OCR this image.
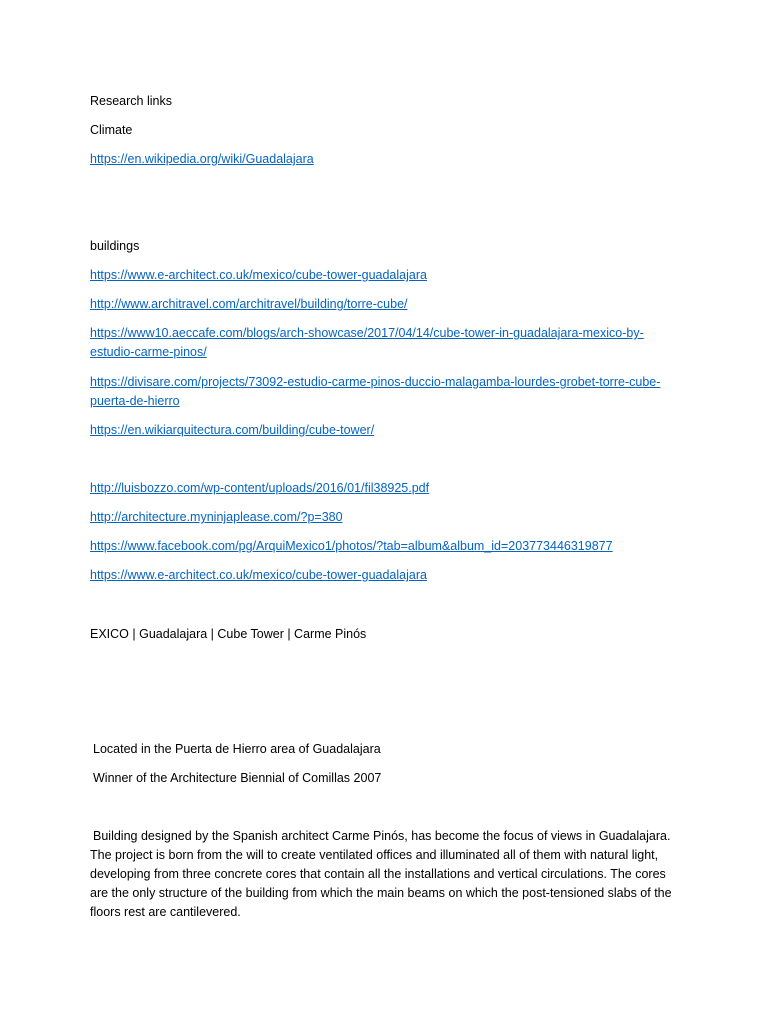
Research links
Climate
https://en.wikipedia.org/wiki/Guadalajara
buildings
https://www.e-architect.co.uk/mexico/cube-tower-guadalajara
http://www.architravel.com/architravel/building/torre-cube/
https://www10.aeccafe.com/blogs/arch-showcase/2017/04/14/cube-tower-in-guadalajara-mexico-by-estudio-carme-pinos/
https://divisare.com/projects/73092-estudio-carme-pinos-duccio-malagamba-lourdes-grobet-torre-cube-puerta-de-hierro
https://en.wikiarquitectura.com/building/cube-tower/
http://luisbozzo.com/wp-content/uploads/2016/01/fil38925.pdf
http://architecture.myninjaplease.com/?p=380
https://www.facebook.com/pg/ArquiMexico1/photos/?tab=album&album_id=203773446319877
https://www.e-architect.co.uk/mexico/cube-tower-guadalajara
EXICO | Guadalajara | Cube Tower | Carme Pinós
Located in the Puerta de Hierro area of Guadalajara
Winner of the Architecture Biennial of Comillas 2007
Building designed by the Spanish architect Carme Pinós, has become the focus of views in Guadalajara. The project is born from the will to create ventilated offices and illuminated all of them with natural light, developing from three concrete cores that contain all the installations and vertical circulations. The cores are the only structure of the building from which the main beams on which the post-tensioned slabs of the floors rest are cantilevered.
